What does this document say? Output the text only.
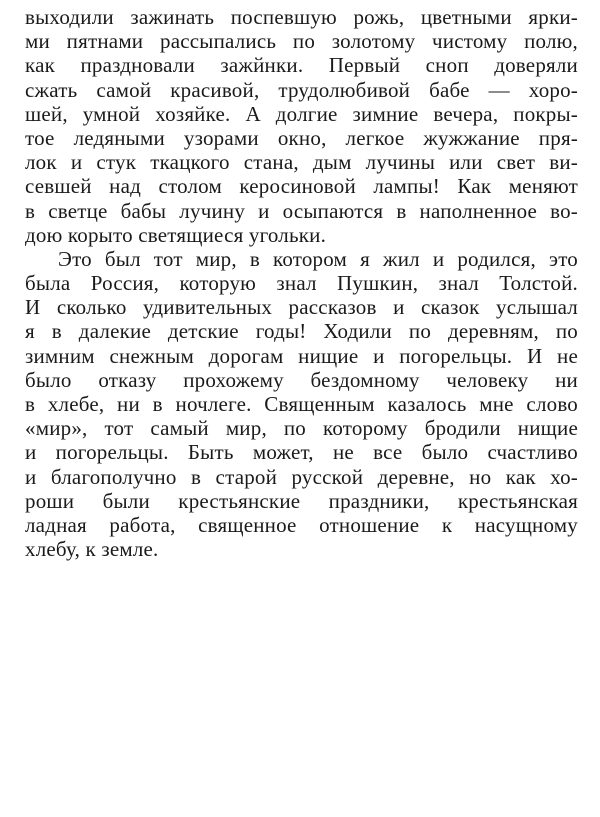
выходили зажинать поспевшую рожь, цветными ярки-
ми пятнами рассыпались по золотому чистому полю,
как праздновали зажйнки. Первый сноп доверяли
сжать самой красивой, трудолюбивой бабе — хоро-
шей, умной хозяйке. А долгие зимние вечера, покры-
тое ледяными узорами окно, легкое жужжание пря-
лок и стук ткацкого стана, дым лучины или свет ви-
севшей над столом керосиновой лампы! Как меняют
в светце бабы лучину и осыпаются в наполненное во-
дою корыто светящиеся угольки.
Это был тот мир, в котором я жил и родился, это
была Россия, которую знал Пушкин, знал Толстой.
И сколько удивительных рассказов и сказок услышал
я в далекие детские годы! Ходили по деревням, по
зимним снежным дорогам нищие и погорельцы. И не
было отказу прохожему бездомному человеку ни
в хлебе, ни в ночлеге. Священным казалось мне слово
«мир», тот самый мир, по которому бродили нищие
и погорельцы. Быть может, не все было счастливо
и благополучно в старой русской деревне, но как хо-
роши были крестьянские праздники, крестьянская
ладная работа, священное отношение к насущному
хлебу, к земле.
